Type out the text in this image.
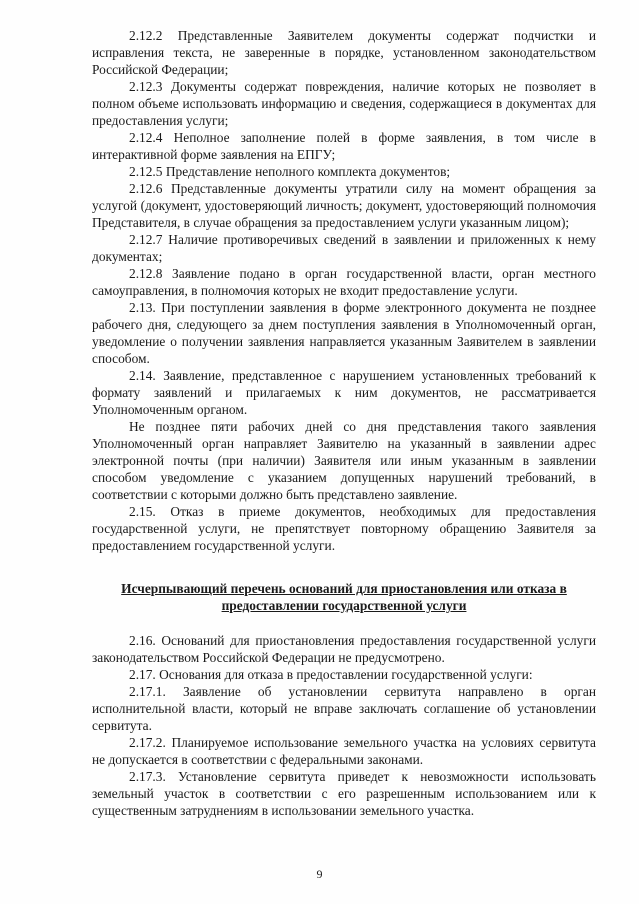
2.12.2 Представленные Заявителем документы содержат подчистки и исправления текста, не заверенные в порядке, установленном законодательством Российской Федерации;

2.12.3 Документы содержат повреждения, наличие которых не позволяет в полном объеме использовать информацию и сведения, содержащиеся в документах для предоставления услуги;

2.12.4 Неполное заполнение полей в форме заявления, в том числе в интерактивной форме заявления на ЕПГУ;

2.12.5 Представление неполного комплекта документов;

2.12.6 Представленные документы утратили силу на момент обращения за услугой (документ, удостоверяющий личность; документ, удостоверяющий полномочия Представителя, в случае обращения за предоставлением услуги указанным лицом);

2.12.7 Наличие противоречивых сведений в заявлении и приложенных к нему документах;

2.12.8 Заявление подано в орган государственной власти, орган местного самоуправления, в полномочия которых не входит предоставление услуги.

2.13. При поступлении заявления в форме электронного документа не позднее рабочего дня, следующего за днем поступления заявления в Уполномоченный орган, уведомление о получении заявления направляется указанным Заявителем в заявлении способом.

2.14. Заявление, представленное с нарушением установленных требований к формату заявлений и прилагаемых к ним документов, не рассматривается Уполномоченным органом.

Не позднее пяти рабочих дней со дня представления такого заявления Уполномоченный орган направляет Заявителю на указанный в заявлении адрес электронной почты (при наличии) Заявителя или иным указанным в заявлении способом уведомление с указанием допущенных нарушений требований, в соответствии с которыми должно быть представлено заявление.

2.15. Отказ в приеме документов, необходимых для предоставления государственной услуги, не препятствует повторному обращению Заявителя за предоставлением государственной услуги.

Исчерпывающий перечень оснований для приостановления или отказа в предоставлении государственной услуги

2.16. Оснований для приостановления предоставления государственной услуги законодательством Российской Федерации не предусмотрено.

2.17. Основания для отказа в предоставлении государственной услуги:

2.17.1. Заявление об установлении сервитута направлено в орган исполнительной власти, который не вправе заключать соглашение об установлении сервитута.

2.17.2. Планируемое использование земельного участка на условиях сервитута не допускается в соответствии с федеральными законами.

2.17.3. Установление сервитута приведет к невозможности использовать земельный участок в соответствии с его разрешенным использованием или к существенным затруднениям в использовании земельного участка.

9
